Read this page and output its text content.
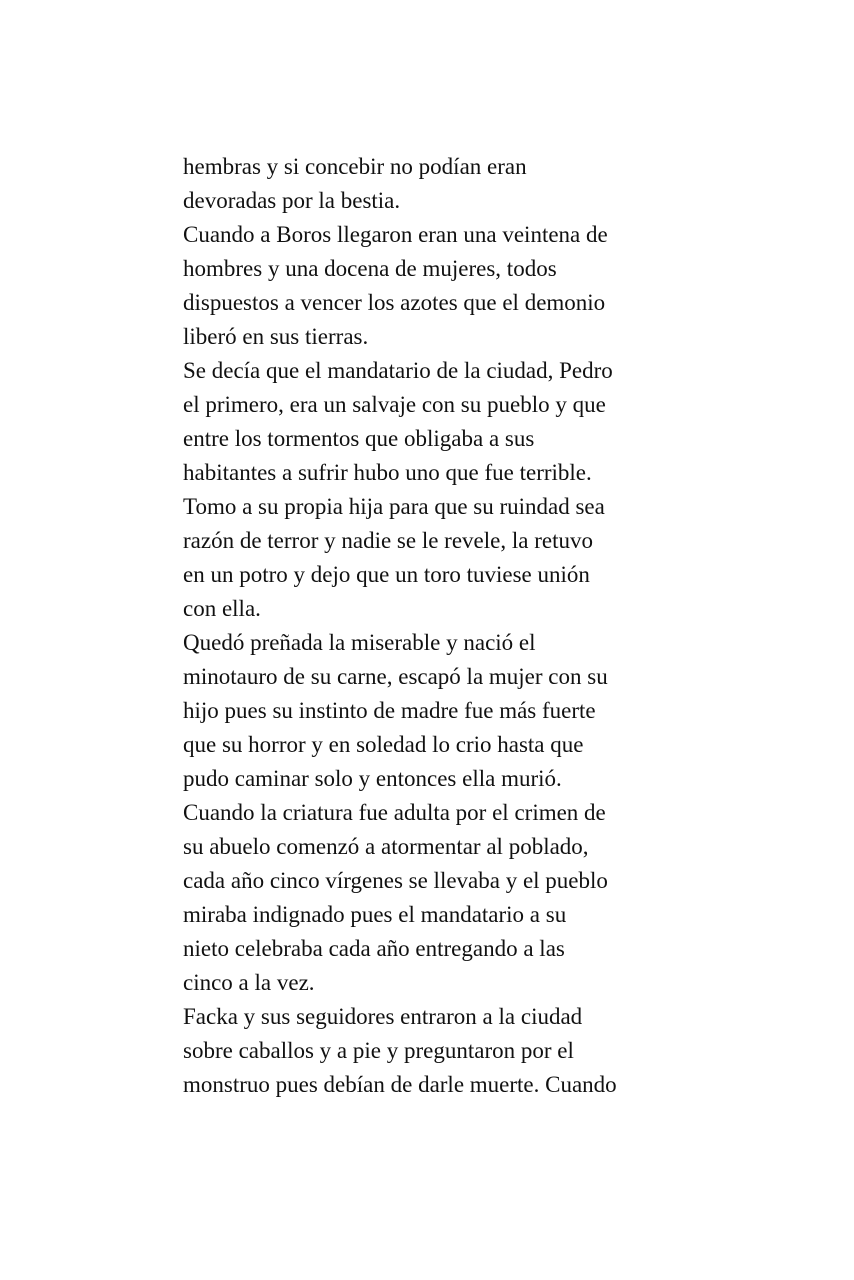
hembras y si concebir no podían eran
devoradas por la bestia.
Cuando a Boros llegaron eran una veintena de
hombres y una docena de mujeres, todos
dispuestos a vencer los azotes que el demonio
liberó en sus tierras.
Se decía que el mandatario de la ciudad, Pedro
el primero, era un salvaje con su pueblo y que
entre los tormentos que obligaba a sus
habitantes a sufrir hubo uno que fue terrible.
Tomo a su propia hija para que su ruindad sea
razón de terror y nadie se le revele, la retuvo
en un potro y dejo que un toro tuviese unión
con ella.
Quedó preñada la miserable y nació el
minotauro de su carne, escapó la mujer con su
hijo pues su instinto de madre fue más fuerte
que su horror y en soledad lo crio hasta que
pudo caminar solo y entonces ella murió.
Cuando la criatura fue adulta por el crimen de
su abuelo comenzó a atormentar al poblado,
cada año cinco vírgenes se llevaba y el pueblo
miraba indignado pues el mandatario a su
nieto celebraba cada año entregando a las
cinco a la vez.
Facka y sus seguidores entraron a la ciudad
sobre caballos y a pie y preguntaron por el
monstruo pues debían de darle muerte. Cuando
